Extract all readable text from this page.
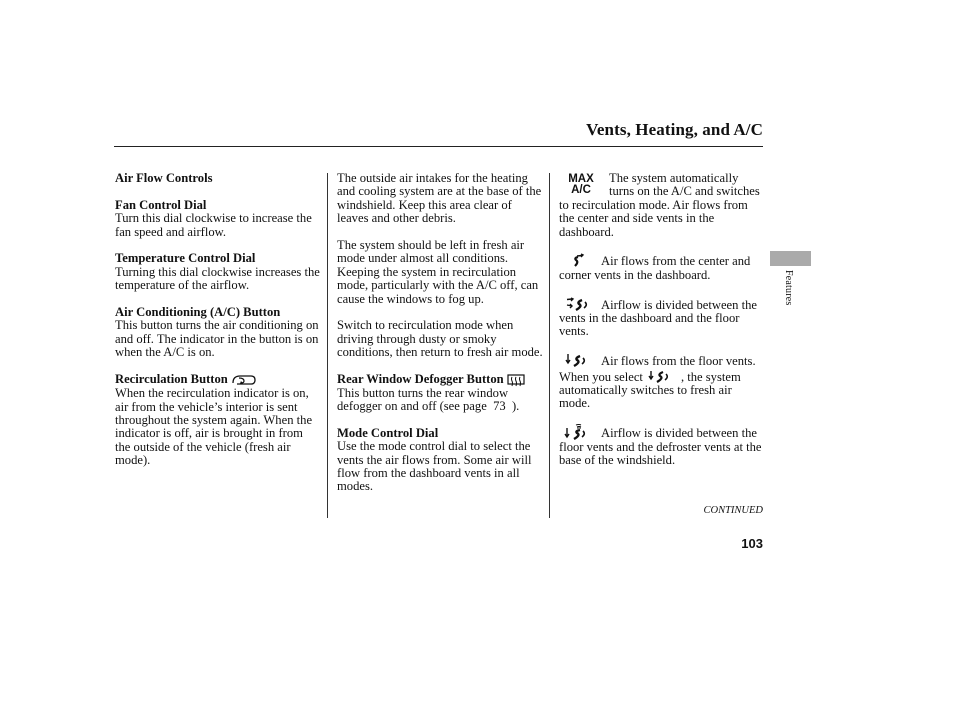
Vents, Heating, and A/C
Air Flow Controls
Fan Control Dial
Turn this dial clockwise to increase the fan speed and airflow.
Temperature Control Dial
Turning this dial clockwise increases the temperature of the airflow.
Air Conditioning (A/C) Button
This button turns the air conditioning on and off. The indicator in the button is on when the A/C is on.
Recirculation Button
When the recirculation indicator is on, air from the vehicle’s interior is sent throughout the system again. When the indicator is off, air is brought in from the outside of the vehicle (fresh air mode).
The outside air intakes for the heating and cooling system are at the base of the windshield. Keep this area clear of leaves and other debris.
The system should be left in fresh air mode under almost all conditions. Keeping the system in recirculation mode, particularly with the A/C off, can cause the windows to fog up.
Switch to recirculation mode when driving through dusty or smoky conditions, then return to fresh air mode.
Rear Window Defogger Button
This button turns the rear window defogger on and off (see page 73 ).
Mode Control Dial
Use the mode control dial to select the vents the air flows from. Some air will flow from the dashboard vents in all modes.
MAX
A/C
The system automatically turns on the A/C and switches to recirculation mode. Air flows from the center and side vents in the dashboard.
Air flows from the center and corner vents in the dashboard.
Airflow is divided between the vents in the dashboard and the floor vents.
Air flows from the floor vents. When you select	, the system automatically switches to fresh air mode.
Airflow is divided between the floor vents and the defroster vents at the base of the windshield.
Features
CONTINUED
103
